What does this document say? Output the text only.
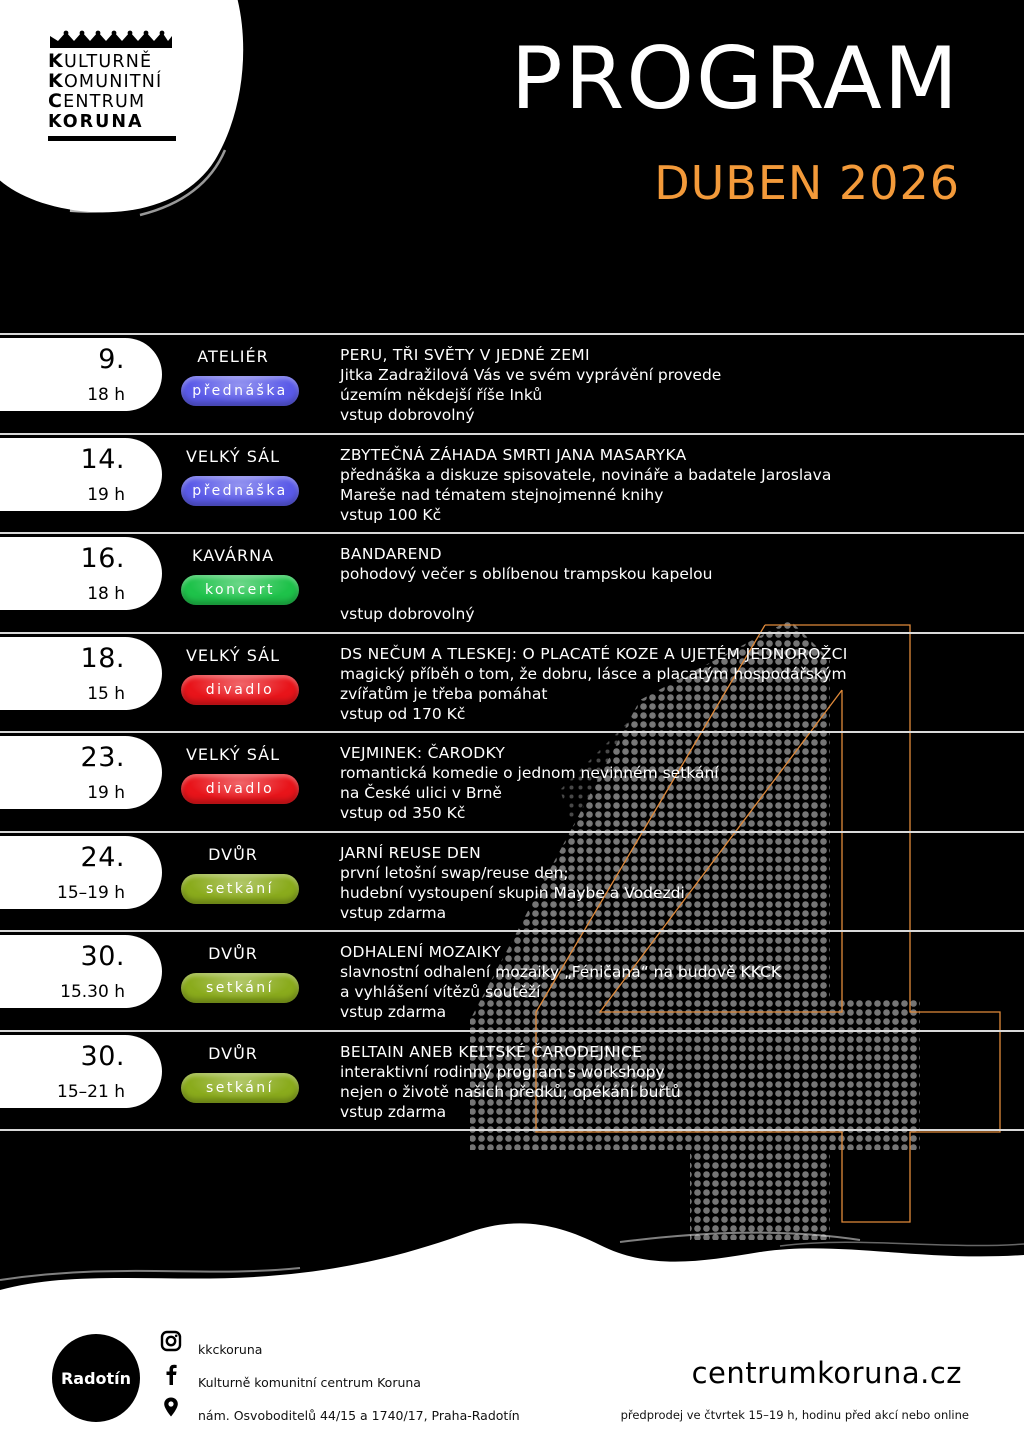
KULTURNĚ
KOMUNITNÍ
CENTRUM
KORUNA	PROGRAM
DUBEN 2026
9.
18 h
ATELIÉR
přednáška
PERU, TŘI SVĚTY V JEDNÉ ZEMI
Jitka Zadražilová Vás ve svém vyprávění provede
územím někdejší říše Inků
vstup dobrovolný
14.
19 h
VELKÝ SÁL
přednáška
ZBYTEČNÁ ZÁHADA SMRTI JANA MASARYKA
přednáška a diskuze spisovatele, novináře a badatele Jaroslava
Mareše nad tématem stejnojmenné knihy
vstup 100 Kč
16.
18 h
KAVÁRNA
koncert
BANDAREND
pohodový večer s oblíbenou trampskou kapelou
vstup dobrovolný
18.
15 h
VELKÝ SÁL
divadlo
DS NEČUM A TLESKEJ: O PLACATÉ KOZE A UJETÉM JEDNOROŽCI
magický příběh o tom, že dobru, lásce a placatým hospodářským
zvířatům je třeba pomáhat
vstup od 170 Kč
23.
19 h
VELKÝ SÁL
divadlo
VEJMINEK: ČARODKY
romantická komedie o jednom nevinném setkání
na České ulici v Brně
vstup od 350 Kč
24.
15–19 h
DVŮR
setkání
JARNÍ REUSE DEN
první letošní swap/reuse den;
hudební vystoupení skupin Maybe a Vodezdi
vstup zdarma
30.
15.30 h
DVŮR
setkání
ODHALENÍ MOZAIKY
slavnostní odhalení mozaiky „Féničana“ na budově KKCK
a vyhlášení vítězů soutěží
vstup zdarma
30.
15–21 h
DVŮR
setkání
BELTAIN ANEB KELTSKÉ ČARODEJNICE
interaktivní rodinný program s workshopy
nejen o životě našich předků; opékání buřtů
vstup zdarma
Radotín
kkckoruna
Kulturně komunitní centrum Koruna
nám. Osvoboditelů 44/15 a 1740/17, Praha-Radotín
centrumkoruna.cz
předprodej ve čtvrtek 15–19 h, hodinu před akcí nebo online
